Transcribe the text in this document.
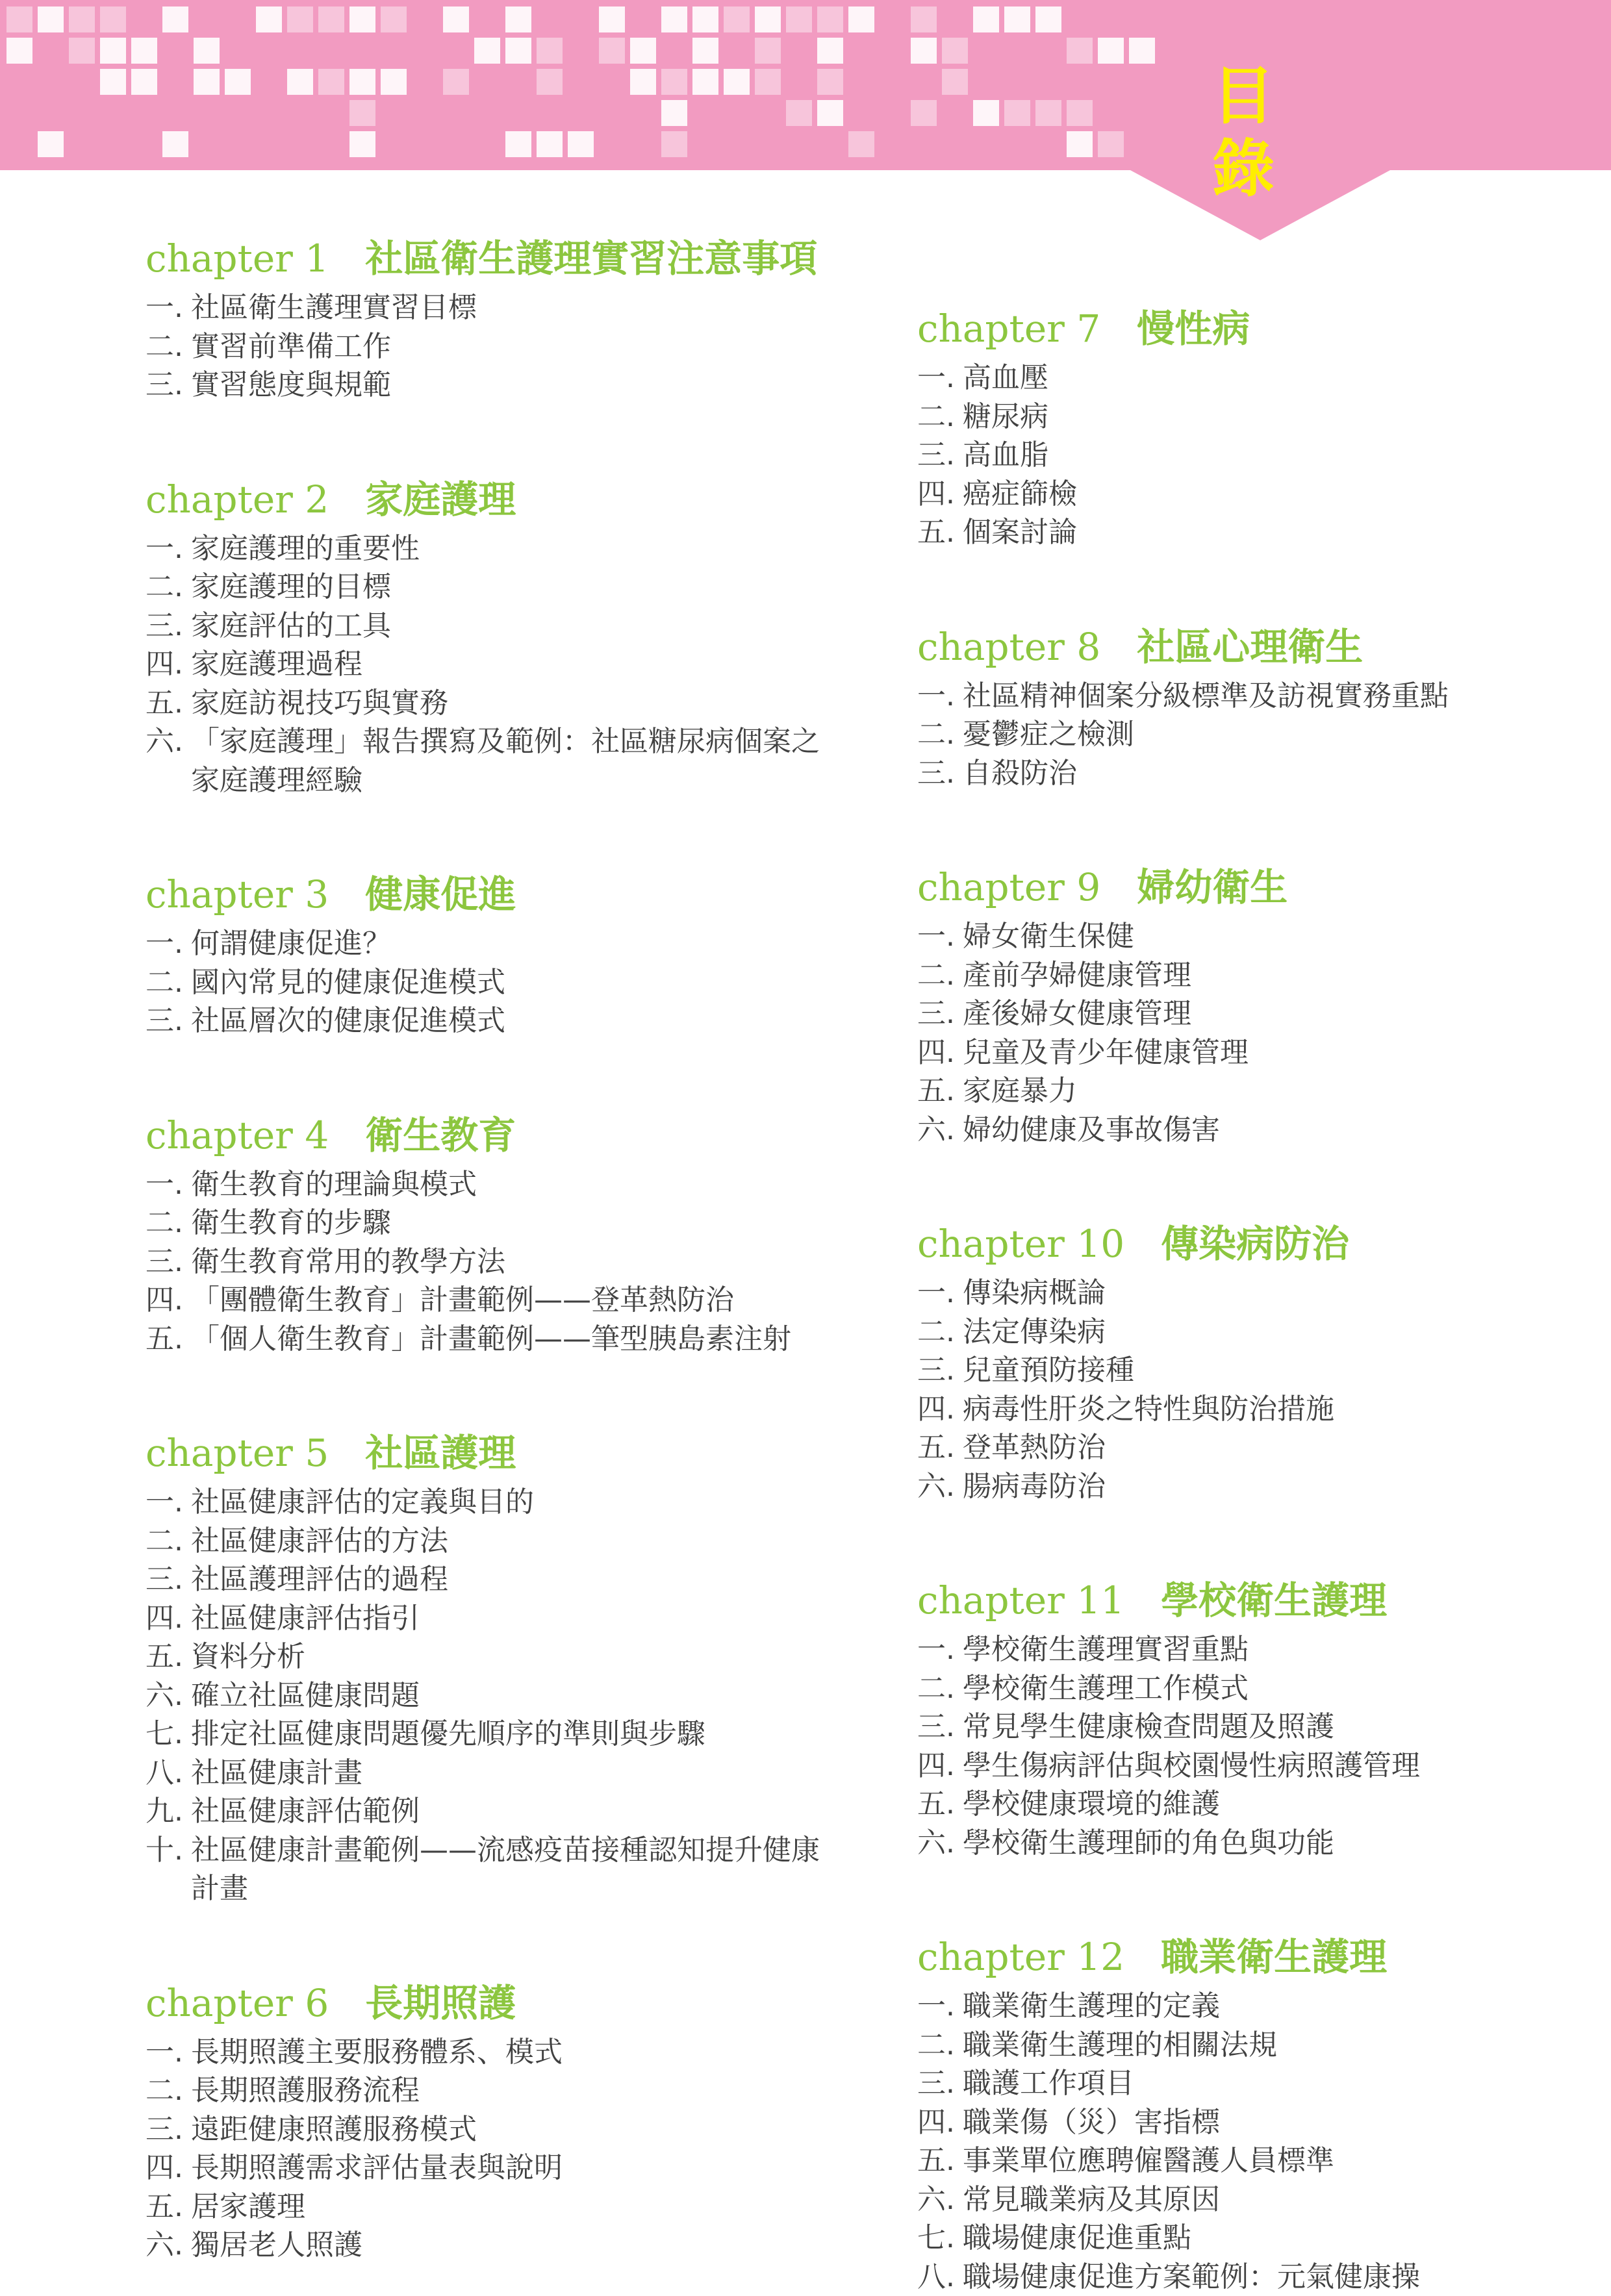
目
錄
chapter 1 社區衛生護理實習注意事項
一. 社區衛生護理實習目標
二. 實習前準備工作
三. 實習態度與規範
chapter 2 家庭護理
一. 家庭護理的重要性
二. 家庭護理的目標
三. 家庭評估的工具
四. 家庭護理過程
五. 家庭訪視技巧與實務
六. 「家庭護理」報告撰寫及範例：社區糖尿病個案之家庭護理經驗
chapter 3 健康促進
一. 何謂健康促進？
二. 國內常見的健康促進模式
三. 社區層次的健康促進模式
chapter 4 衛生教育
一. 衛生教育的理論與模式
二. 衛生教育的步驟
三. 衛生教育常用的教學方法
四. 「團體衛生教育」計畫範例——登革熱防治
五. 「個人衛生教育」計畫範例——筆型胰島素注射
chapter 5 社區護理
一. 社區健康評估的定義與目的
二. 社區健康評估的方法
三. 社區護理評估的過程
四. 社區健康評估指引
五. 資料分析
六. 確立社區健康問題
七. 排定社區健康問題優先順序的準則與步驟
八. 社區健康計畫
九. 社區健康評估範例
十. 社區健康計畫範例——流感疫苗接種認知提升健康計畫
chapter 6 長期照護
一. 長期照護主要服務體系、模式
二. 長期照護服務流程
三. 遠距健康照護服務模式
四. 長期照護需求評估量表與說明
五. 居家護理
六. 獨居老人照護
chapter 7 慢性病
一. 高血壓
二. 糖尿病
三. 高血脂
四. 癌症篩檢
五. 個案討論
chapter 8 社區心理衛生
一. 社區精神個案分級標準及訪視實務重點
二. 憂鬱症之檢測
三. 自殺防治
chapter 9 婦幼衛生
一. 婦女衛生保健
二. 產前孕婦健康管理
三. 產後婦女健康管理
四. 兒童及青少年健康管理
五. 家庭暴力
六. 婦幼健康及事故傷害
chapter 10 傳染病防治
一. 傳染病概論
二. 法定傳染病
三. 兒童預防接種
四. 病毒性肝炎之特性與防治措施
五. 登革熱防治
六. 腸病毒防治
chapter 11 學校衛生護理
一. 學校衛生護理實習重點
二. 學校衛生護理工作模式
三. 常見學生健康檢查問題及照護
四. 學生傷病評估與校園慢性病照護管理
五. 學校健康環境的維護
六. 學校衛生護理師的角色與功能
chapter 12 職業衛生護理
一. 職業衛生護理的定義
二. 職業衛生護理的相關法規
三. 職護工作項目
四. 職業傷（災）害指標
五. 事業單位應聘僱醫護人員標準
六. 常見職業病及其原因
七. 職場健康促進重點
八. 職場健康促進方案範例：元氣健康操
